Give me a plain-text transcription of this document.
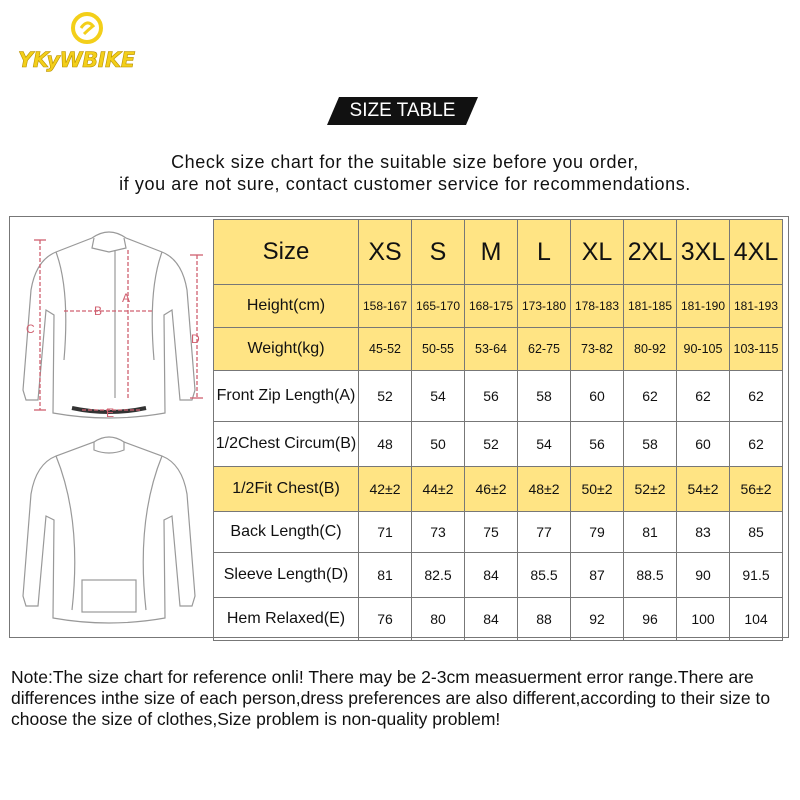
YKyWBIKE
SIZE TABLE
Check size chart for the suitable size before you order,
if you are not sure, contact customer service for recommendations.
A
B
C
D
E
Size	XS	S	M	L	XL	2XL	3XL	4XL
Height(cm)	158-167	165-170	168-175	173-180	178-183	181-185	181-190	181-193
Weight(kg)	45-52	50-55	53-64	62-75	73-82	80-92	90-105	103-115
Front Zip Length(A)	52	54	56	58	60	62	62	62
1/2Chest Circum(B)	48	50	52	54	56	58	60	62
1/2Fit Chest(B)	42±2	44±2	46±2	48±2	50±2	52±2	54±2	56±2
Back Length(C)	71	73	75	77	79	81	83	85
Sleeve Length(D)	81	82.5	84	85.5	87	88.5	90	91.5
Hem Relaxed(E)	76	80	84	88	92	96	100	104
Note:The size chart for reference onli! There may be 2-3cm measuerment error range.There are differences inthe size of each person,dress preferences are also different,according to their size to choose the size of clothes,Size problem is non-quality problem!
